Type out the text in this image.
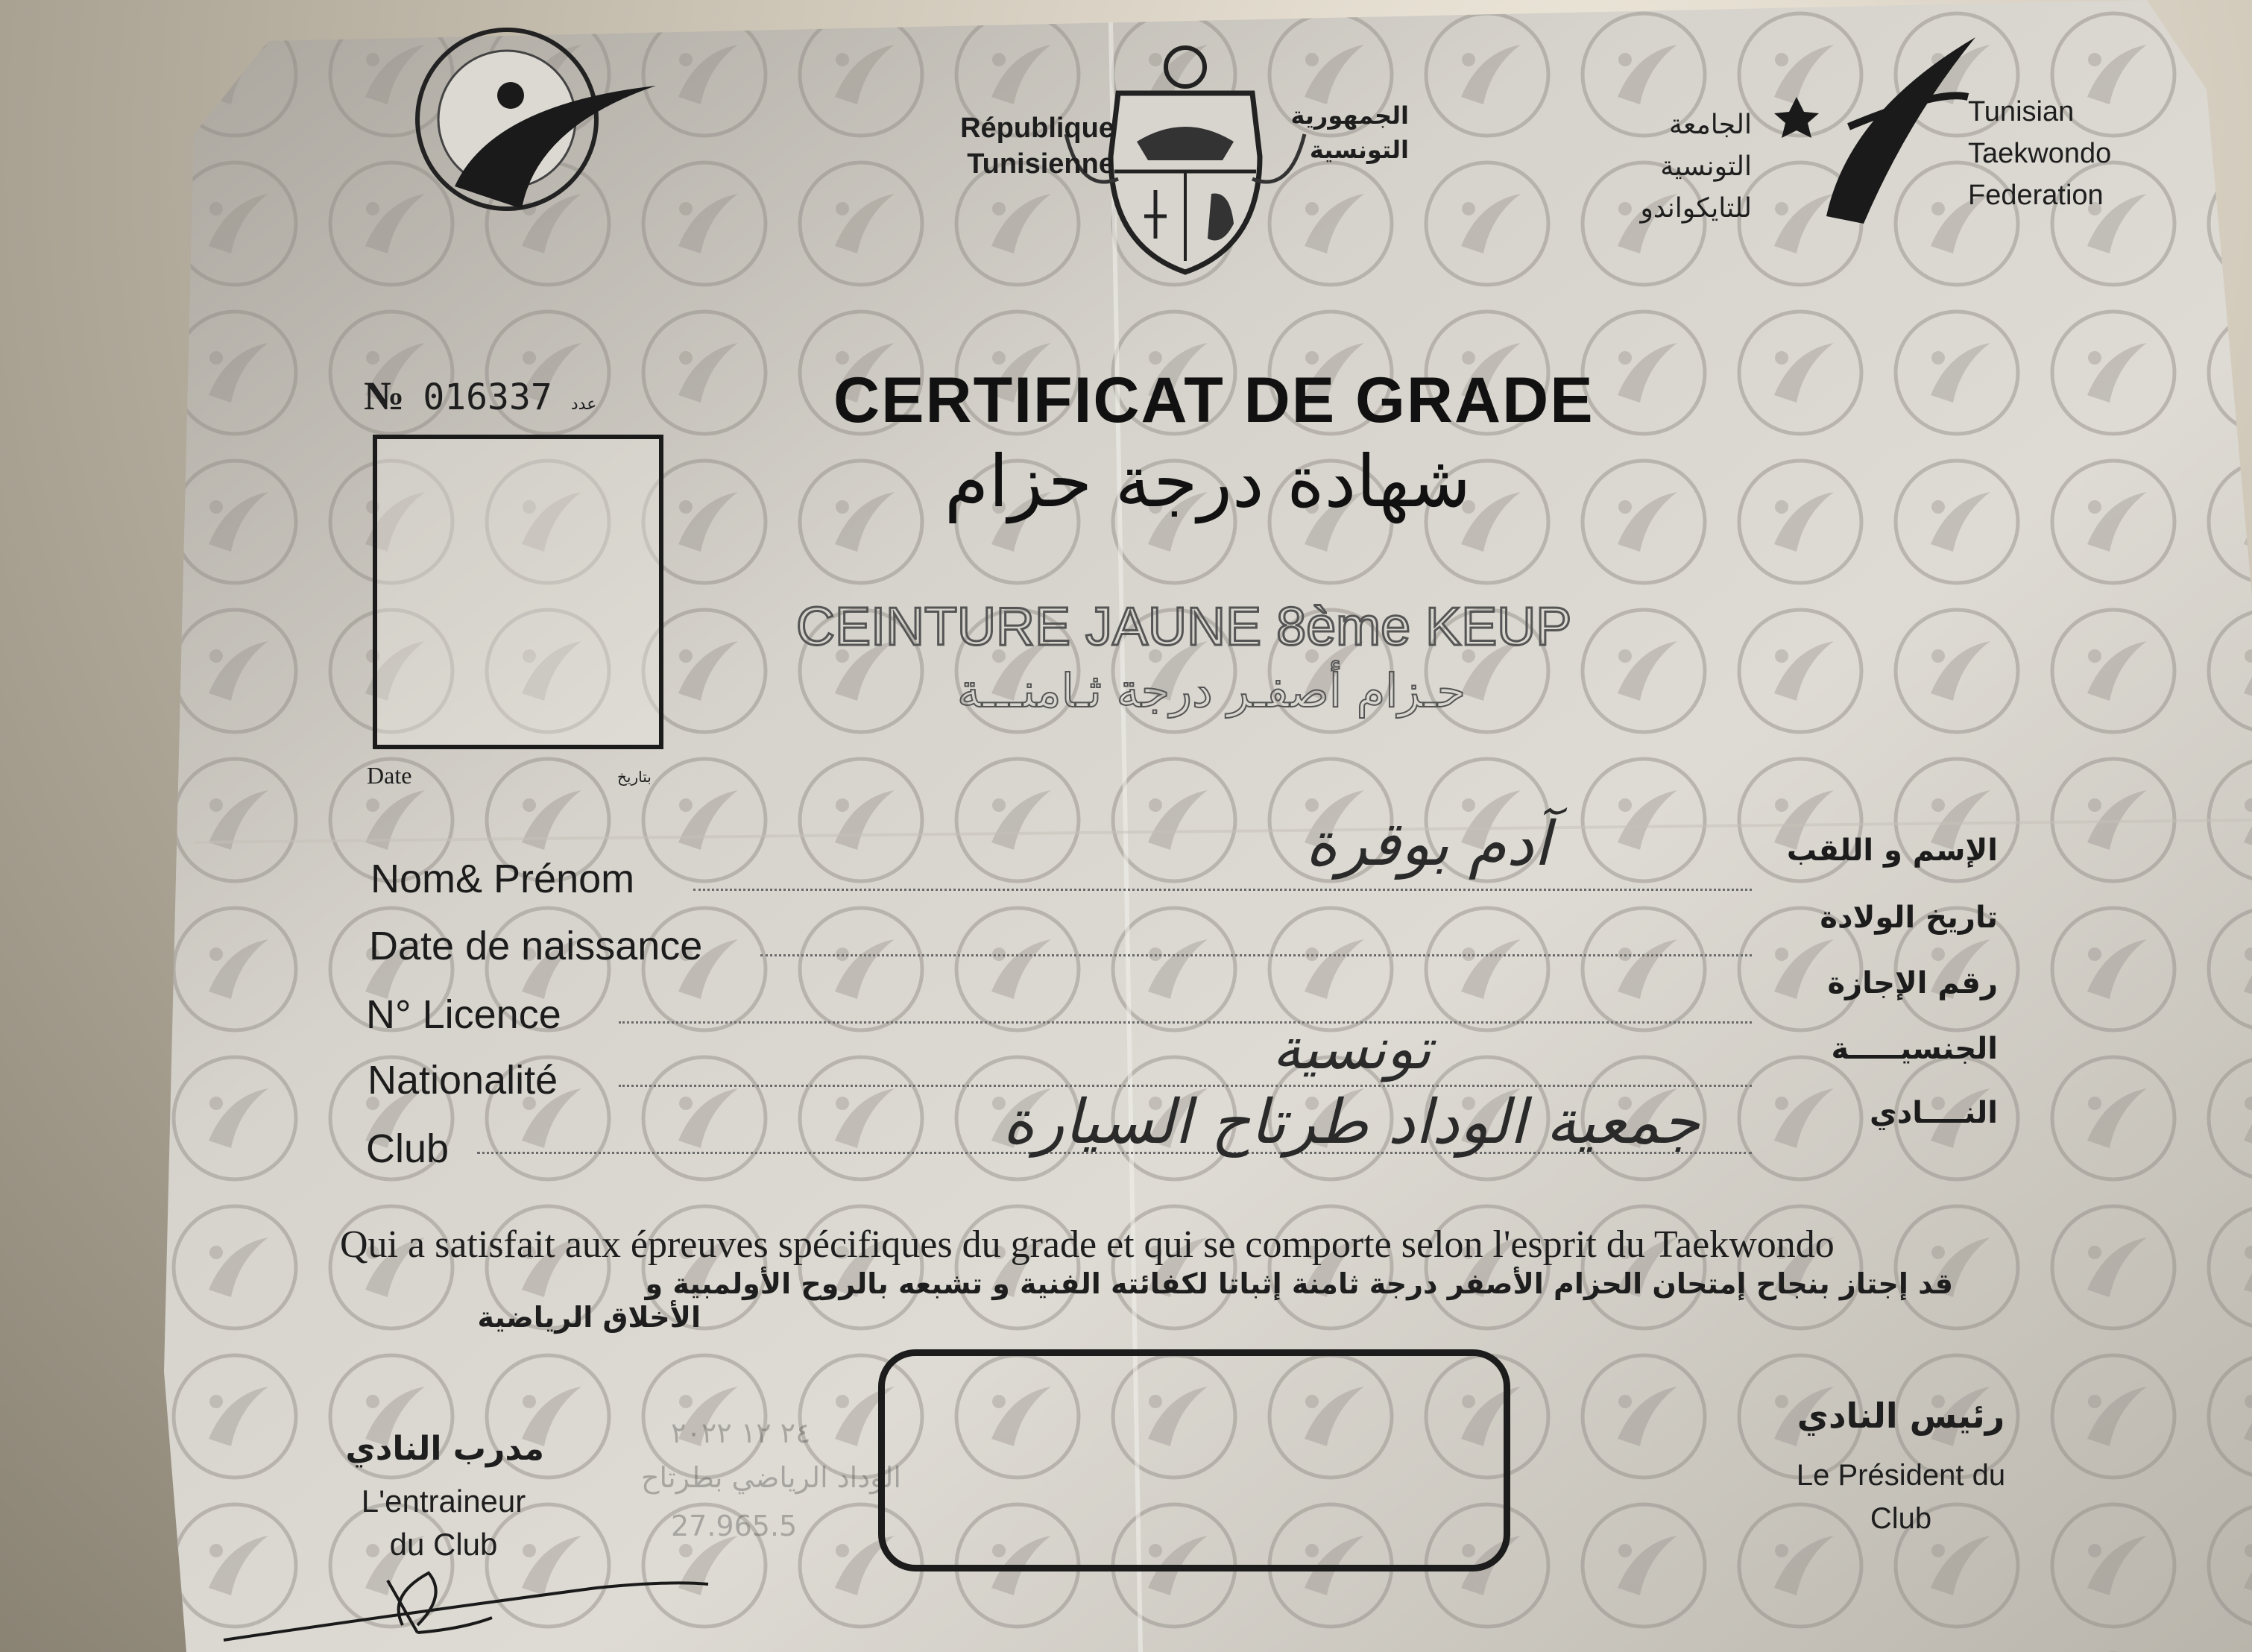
٢٤ ١٢ ٢٠٢٢
الوداد الرياضي بطرتاح
27.965.5
République
Tunisienne
الجمهورية
التونسية
الجامعة
التونسية
للتايكواندو
Tunisian
Taekwondo
Federation
№ 016337 عدد
Date	بتاريخ
CERTIFICAT DE GRADE
شهادة درجة حزام
CEINTURE JAUNE 8ème KEUP
حـزام أصفـر درجة ثـامنـــة
Nom& Prénom
Date de naissance
N° Licence
Nationalité
Club
الإسم و اللقب
تاريخ الولادة
رقم الإجازة
الجنسيـــــة
النــــادي
آدم بوقرة
تونسية
جمعية الوداد طرتاح السيارة
Qui a satisfait aux épreuves spécifiques du grade et qui se comporte selon l'esprit du Taekwondo
قد إجتاز بنجاح إمتحان الحزام الأصفر درجة ثامنة إثباتا لكفائته الفنية و تشبعه بالروح الأولمبية و
الأخلاق الرياضية
مدرب النادي
L'entraineur
du Club
رئيس النادي
Le Président du
Club
